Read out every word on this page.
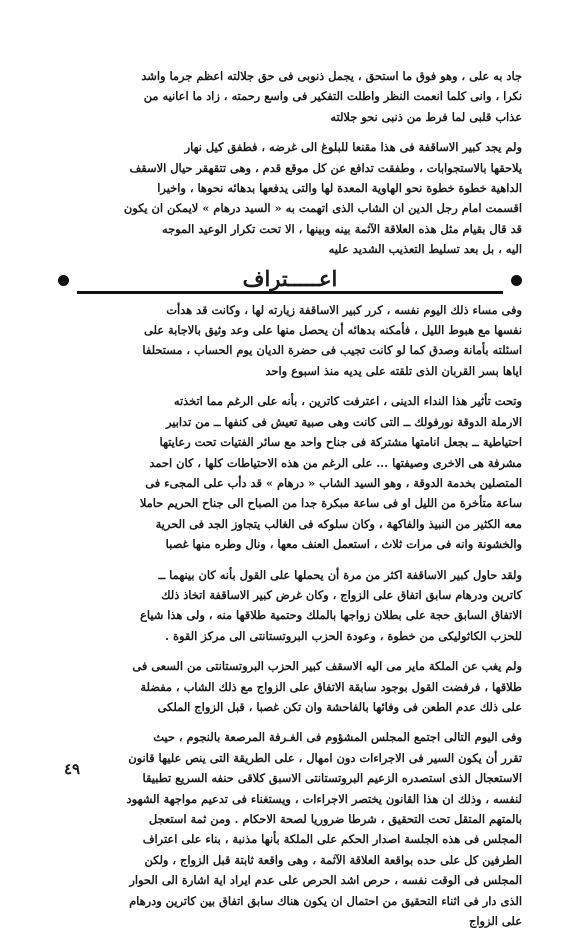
جاد به على ، وهو فوق ما استحق ، يجمل ذنوبى فى حق جلالته اعظم جرما واشد
نكرا ، وانى كلما انعمت النظر واطلت التفكير فى واسع رحمته ، زاد ما اعانيه من
عذاب قلبى لما فرط من ذنبى نحو جلالته

ولم يجد كبير الاساقفة فى هذا مقنعا للبلوغ الى غرضه ، فطفق كيل نهار
يلاحقها بالاستجوابات ، وطفقت تدافع عن كل موقع قدم ، وهى تتقهقر حيال الاسقف
الداهية خطوة خطوة نحو الهاوية المعدة لها والتى يدفعها بدهائه نحوها ، واخيرا
اقسمت امام رجل الدين ان الشاب الذى اتهمت به « السيد درهام » لايمكن ان يكون
قد قال بقيام مثل هذه العلاقة الآثمة بينه وبينها ، الا تحت تكرار الوعيد الموجه
اليه ، بل بعد تسليط التعذيب الشديد عليه

اعـــــتراف

وفى مساء ذلك اليوم نفسه ، كرر كبير الاساقفة زيارته لها ، وكانت قد هدأت
نفسها مع هبوط الليل ، فأمكنه بدهائه أن يحصل منها على وعد وثيق بالاجابة على
اسئلته بأمانة وصدق كما لو كانت تجيب فى حضرة الديان يوم الحساب ، مستحلفا
اياها بسر القربان الذى تلقته على يديه منذ اسبوع واحد

وتحت تأثير هذا النداء الدينى ، اعترفت كاترين ، بأنه على الرغم مما اتخذته
الارملة الدوقة نورفولك ــ التى كانت وهى صبية تعيش فى كنفها ــ من تدابير
احتياطية ــ بجعل انامتها مشتركة فى جناح واحد مع سائر الفتيات تحت رعايتها
مشرفة هى الاخرى وصيفتها ... على الرغم من هذه الاحتياطات كلها ، كان احمد
المتصلين بخدمة الدوقة ، وهو السيد الشاب « درهام » قد دأب على المجىء فى
ساعة متأخرة من الليل او فى ساعة مبكرة جدا من الصباح الى جناح الحريم حاملا
معه الكثير من النبيذ والفاكهة ، وكان سلوكه فى الغالب يتجاوز الجد فى الحرية
والخشونة وانه فى مرات ثلاث ، استعمل العنف معها ، ونال وطره منها غصبا

ولقد حاول كبير الاساقفة اكثر من مرة أن يحملها على القول بأنه كان بينهما ــ
كاترين ودرهام سابق اتفاق على الزواج ، وكان غرض كبير الاساقفة اتخاذ ذلك
الاتفاق السابق حجة على بطلان زواجها بالملك وحتمية طلاقها منه ، ولى هذا شياع
للحزب الكاثوليكى من خطوة ، وعودة الحزب البروتستانتى الى مركز القوة .

ولم يغب عن الملكة ماير مى اليه الاسقف كبير الحزب البروتستانتى من السعى فى
طلاقها ، فرفضت القول بوجود سابقة الاتفاق على الزواج مع ذلك الشاب ، مفضلة
على ذلك عدم الطعن فى وفائها بالفاحشة وان تكن غصبا ، قبل الزواج الملكى

وفى اليوم التالى اجتمع المجلس المشؤوم فى الغـرفة المرصعة بالنجوم ، حيث
تقرر أن يكون السير فى الاجراءات دون امهال ، على الطريقة التى ينص عليها قانون
الاستعجال الذى استصدره الزعيم البروتستانتى الاسبق كلاقى حنفه السريع تطبيقا
لنفسه ، وذلك ان هذا القانون يختصر الاجراءات ، ويستغناء فى تدعيم مواجهة الشهود
بالمتهم المتقل تحت التحقيق ، شرطا ضروريا لصحة الاحكام . ومن ثمة استعجل
المجلس فى هذه الجلسة اصدار الحكم على الملكة بأنها مذنبة ، بناء على اعتراف
الطرفين كل على حده بواقعة العلاقة الآثمة ، وهى واقعة ثابتة قبل الزواج ، ولكن
المجلس فى الوقت نفسه ، حرص اشد الحرص على عدم ايراد اية اشارة الى الحوار
الذى دار فى اثناء التحقيق من احتمال ان يكون هناك سابق اتفاق بين كاترين ودرهام
على الزواج

٤٩
